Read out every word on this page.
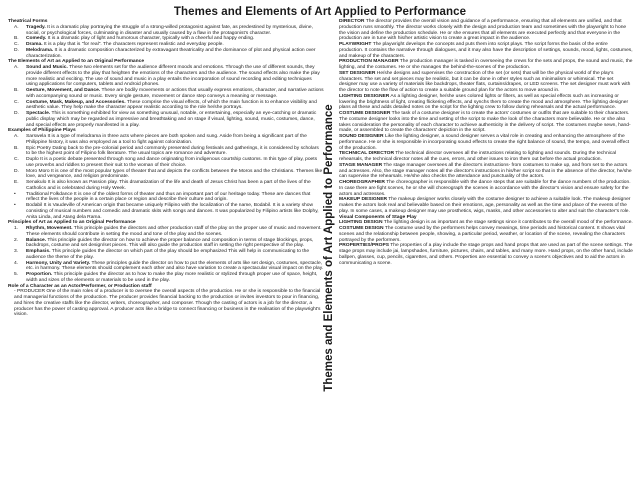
Themes and Elements of Art Applied to Performance
Themes and Elements of Art Applied to Performance
Theatrical Forms
A.	Tragedy. It is a dramatic play portraying the struggle of a strong-willed protagonist against fate, as predestined by mysterious, divine, social, or psychological forces, culminating in disaster and usually caused by a flaw in the protagonist's character.
B.	Comedy. It is a dramatic play of light and humorous character, typically with a cheerful and happy ending.
C.	Drama. It is a play that is "for real". The characters represent realistic and everyday people.
D.	Melodrama. It is a dramatic composition characterized by extravagant theatricality and the dominance of plot and physical action over characterization.
The Elements of Art as Applied to an Original Performance
A.	Sound and Music. These two elements set for the audience different moods and emotions. Through the use of different sounds, they provide different effects to the play that heighten the emotions of the characters and the audience. The sound effects also make the play more realistic and exciting. The use of sound and music in a play entails the incorporation of sound recording and editing techniques using applications for computers, tablets and Android phones.
B.	Gesture, Movement, and Dance. These are bodily movements or actions that usually express emotions, character, and narrative actions with accompanying sound or music. Every single gesture, movement or dance step conveys a meaning or message.
C.	Costume, Mask, Makeup, and Accessories. These comprise the visual effects, of which the main function is to enhance visibility and aesthetic value. They help make the character appear realistic according to the role he/she portrays.
D.	Spectacle. This is something exhibited for view as something unusual, notable, or entertaining, especially an eye-catching or dramatic public display which may be regarded as impressive and breathtaking and on stage if visual, lighting, sound, music, costumes, dance, and special effects are properly manifested in a play.
Examples of Philippine Plays
A.	Sarswela It is a type of melodrama in three acts where pieces are both spoken and sung. Aside from being a significant part of the Philippine history, it was also employed as a tool to fight against colonization.
B.	Epic Poetry Dating back to the pre-colonial period and commonly presented during festivals and gatherings, it is considered by scholars to be the highest point of Filipino folk literature. The usual topics are romance and adventure.
C.	Duplo It is a poetic debate presented through song and dance originating from indigenous courtship customs. In this type of play, poets use proverbs and riddles to present their suit to the woman of their choice.
D.	Moro Moro It is one of the most popular types of theater that and depicts the conflicts between the Moros and the Christians. Themes like love, and vengeance, and religion predominate.
E.	Senakulo It is also known as Passion play. This dramatization of the life and death of Jesus Christ has been a part of the lives of the Catholics and is celebrated during Holy Week.
•	Traditional Folkdance It is one of the oldest forms of theater and thus an important part of our heritage today. These are dances that reflect the lives of the people in a certain place or region and describe their culture and origin.
•	Bodabil It is Vaudeville of American origin that became uniquely Filipino with the localization of the name, Bodabil. It is a variety show consisting of musical numbers and comedic and dramatic skits with songs and dances. It was popularized by Filipino artists like Dolphy, Anita Linda, and Atang dela Rama.
Principles of Art as Applied to an Original Performance
1.	Rhythm, Movement. This principle guides the directors and other production staff of the play on the proper use of music and movement. These elements should contribute in setting the mood and tone of the play and the scenes.
2.	Balance. This principle guides the director on how to achieve the proper balance and composition in terms of stage blockings, props, backdrops, costume and set design/set pieces. This will also guide the production staff in setting the right perspective of the play.
3.	Emphasis. This principle guides the director on which part of the play should be emphasized This will help in communicating to the audience the theme of the play.
4.	Harmony, Unity and Variety. These principles guide the director on how to put the elements of arts like set design, costumes, spectacle, etc. in harmony. These elements should complement each other and also have variation to create a spectacular visual impact on the play.
5.	Proportion. This principle guides the director as to how to make the play more realistic or stylized through proper use of space, height, width and sizes of the elements or materials to be used in the play.
Role of a Character as an Actor/Performer, or Production staff
- PRODUCER One of the main roles of a producer is to oversee the overall aspects of the production. He or she is responsible to the financial and managerial functions of the production. The producer provides financial backing to the production or invites investors to pour in financing, and hires the creative staffs like the director, writers, choreographer, and composer. Though the casting of actors is a job for the director, a producer has the power of casting approval. A producer acts like a bridge to connect financing or business in the realisation of the playwright's vision.
DIRECTOR The director provides the overall vision and guidance of a performance, ensuring that all elements are unified, and that production runs smoothly. The director works closely with the design and production team and sometimes with the playwright to hone the vision and define the production schedule. He or she ensures that all elements are executed perfectly and that everyone in the production are in tune with his/her artistic vision to create a great impact in the audience.
PLAYWRIGHT The playwright develops the concepts and puts them into script plays. The script forms the basis of the entire production. It contains the narrative through dialogues, and it may also have the description of settings, sounds, mood, lights, costumes, and makeup of the characters.
PRODUCTION MANAGER The production manager is tasked in overseeing the crews for the sets and props, the sound and music, the lighting, and the costumes. He or she manages the behind-the-scenes of the production.
SET DESIGNER He/she designs and supervises the construction of the set (or sets) that will be the physical world of the play's characters. The set and set pieces may be realistic, but it can be done in other styles such as minimalism or whimsical. The set designer may use a variety of materials like backdrops, theater flats, curtains/drapes, or LED screens. The set designer must work with the director to note the flow of action to create a suitable ground plan for the actors to move around in.
LIGHTING DESIGNER As a lighting designer, he/she uses colored lights or filters, as well as special effects such as increasing or lowering the brightness of light, creating flickering effects, and synchs them to create the mood and atmosphere. The lighting designer plans all these and adds detailed notes on the script for the lighting crew to follow during rehearsals and the actual performance.
COSTUME DESIGNER The task of a costume designer is to create the actors' costumes or outfits that are suitable to their characters. The costume designer looks into the time and setting of the script to make the look of the characters more believable. He or she also takes consideration the personality of each character to achieve authenticity in the delivery of script. The costumes maybe sewn, hand-made, or assembled to create the characters' depiction in the script.
SOUND DESIGNER Like the lighting designer, a sound designer serves a vital role in creating and enhancing the atmosphere of the performance. He or she is responsible in incorporating sound effects to create the right balance of sound, the tempo, and overall effect of the production.
TECHNICAL DIRECTOR The technical director oversees all the instructions relating to lighting and sounds. During the technical rehearsals, the technical director notes all the cues, errors, and other issues to iron them out before the actual production.
STAGE MANAGER The stage manager oversees all the director's instructions- from costumes to make up, and from set to the actors and actresses. Also, the stage manager notes all the director's instructions in his/her script so that in the absence of the director, he/she can supervise the rehearsals. He/she also checks the attendance and punctuality of the actors.
CHOREOGRAPHER The choreographer is responsible with the dance steps that are suitable for the dance numbers of the production. In case there are fight scenes, he or she will choreograph the scenes in accordance with the director's vision and ensure safety for the actors and actresses.
MAKEUP DESIGNER The makeup designer works closely with the costume designer to achieve a suitable look. The makeup designer makes the actors look real and believable based on their emotions, age, personality as well as the time and place of the events of the play. In some cases, a makeup designer may use prosthetics, wigs, masks, and other accessories to alter and suit the character's role.
Visual Components of Stage Play
LIGHTING DESIGN The lighting design is as important as the stage settings since it contributes to the overall mood of the performance.
COSTUME DESIGN The costume used by the performers helps convey meanings, time periods and historical content. It shows vital scenes and the relationship between people, showing, a particular period, weather, or location of the scene, revealing the characters portrayed by the performers.
PROPERTIES/PROPS The properties of a play include the stage props and hand props that are used as part of the scene settings. The stage props may include jai, lampshades, furniture, pictures, chairs, and tables, and many more. Hand props, on the other hand, include ballpen, glasses, cup, pencils, cigarettes, and others. Properties are essential to convey a scene's objectives and to aid the actors in communicating a scene.
